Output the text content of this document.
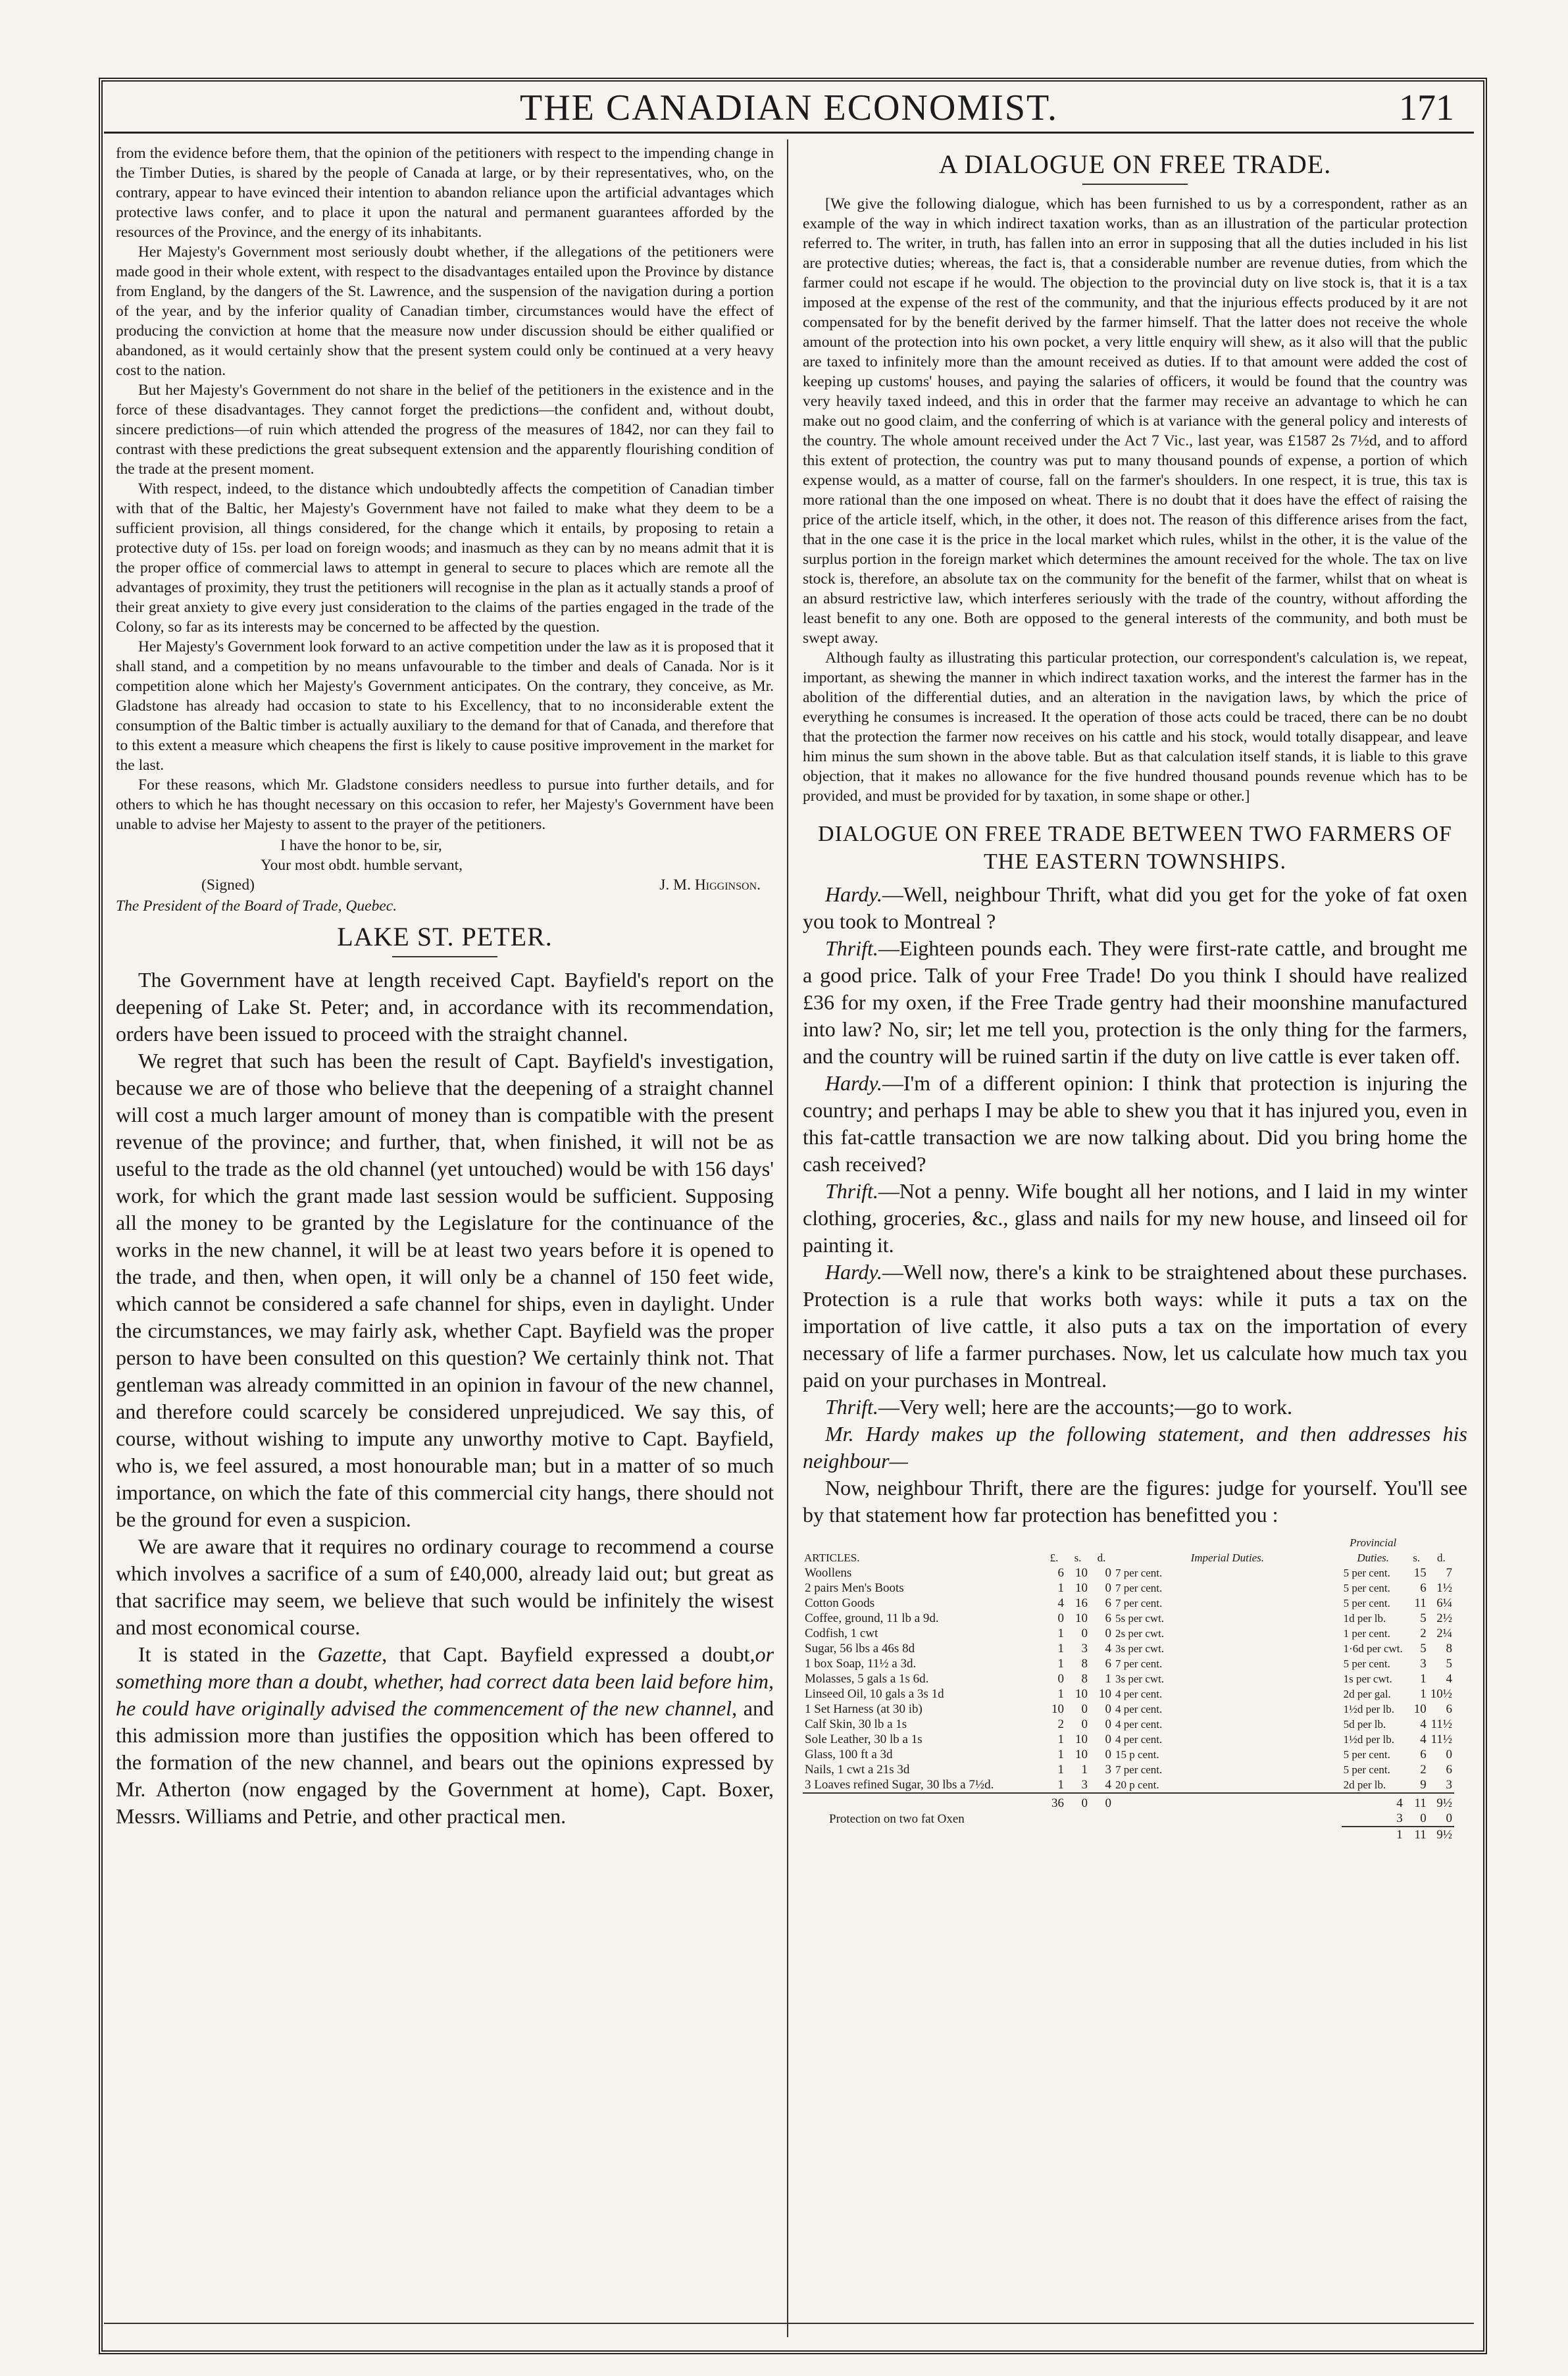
THE CANADIAN ECONOMIST.	171

from the evidence before them, that the opinion of the petitioners with respect to the impending change in the Timber Duties, is shared by the people of Canada at large, or by their representatives, who, on the contrary, appear to have evinced their intention to abandon reliance upon the artificial advantages which protective laws confer, and to place it upon the natural and permanent guarantees afforded by the resources of the Province, and the energy of its inhabitants.

Her Majesty's Government most seriously doubt whether, if the allegations of the petitioners were made good in their whole extent, with respect to the disadvantages entailed upon the Province by distance from England, by the dangers of the St. Lawrence, and the suspension of the navigation during a portion of the year, and by the inferior quality of Canadian timber, circumstances would have the effect of producing the conviction at home that the measure now under discussion should be either qualified or abandoned, as it would certainly show that the present system could only be continued at a very heavy cost to the nation.

But her Majesty's Government do not share in the belief of the petitioners in the existence and in the force of these disadvantages. They cannot forget the predictions—the confident and, without doubt, sincere predictions—of ruin which attended the progress of the measures of 1842, nor can they fail to contrast with these predictions the great subsequent extension and the apparently flourishing condition of the trade at the present moment.

With respect, indeed, to the distance which undoubtedly affects the competition of Canadian timber with that of the Baltic, her Majesty's Government have not failed to make what they deem to be a sufficient provision, all things considered, for the change which it entails, by proposing to retain a protective duty of 15s. per load on foreign woods; and inasmuch as they can by no means admit that it is the proper office of commercial laws to attempt in general to secure to places which are remote all the advantages of proximity, they trust the petitioners will recognise in the plan as it actually stands a proof of their great anxiety to give every just consideration to the claims of the parties engaged in the trade of the Colony, so far as its interests may be concerned to be affected by the question.

Her Majesty's Government look forward to an active competition under the law as it is proposed that it shall stand, and a competition by no means unfavourable to the timber and deals of Canada. Nor is it competition alone which her Majesty's Government anticipates. On the contrary, they conceive, as Mr. Gladstone has already had occasion to state to his Excellency, that to no inconsiderable extent the consumption of the Baltic timber is actually auxiliary to the demand for that of Canada, and therefore that to this extent a measure which cheapens the first is likely to cause positive improvement in the market for the last.

For these reasons, which Mr. Gladstone considers needless to pursue into further details, and for others to which he has thought necessary on this occasion to refer, her Majesty's Government have been unable to advise her Majesty to assent to the prayer of the petitioners.

I have the honor to be, sir,
Your most obdt. humble servant,
(Signed)	J. M. Higginson.
The President of the Board of Trade, Quebec.
LAKE ST. PETER.

The Government have at length received Capt. Bayfield's report on the deepening of Lake St. Peter; and, in accordance with its recommendation, orders have been issued to proceed with the straight channel.

We regret that such has been the result of Capt. Bayfield's investigation, because we are of those who believe that the deepening of a straight channel will cost a much larger amount of money than is compatible with the present revenue of the province; and further, that, when finished, it will not be as useful to the trade as the old channel (yet untouched) would be with 156 days' work, for which the grant made last session would be sufficient. Supposing all the money to be granted by the Legislature for the continuance of the works in the new channel, it will be at least two years before it is opened to the trade, and then, when open, it will only be a channel of 150 feet wide, which cannot be considered a safe channel for ships, even in daylight. Under the circumstances, we may fairly ask, whether Capt. Bayfield was the proper person to have been consulted on this question? We certainly think not. That gentleman was already committed in an opinion in favour of the new channel, and therefore could scarcely be considered unprejudiced. We say this, of course, without wishing to impute any unworthy motive to Capt. Bayfield, who is, we feel assured, a most honourable man; but in a matter of so much importance, on which the fate of this commercial city hangs, there should not be the ground for even a suspicion.

We are aware that it requires no ordinary courage to recommend a course which involves a sacrifice of a sum of £40,000, already laid out; but great as that sacrifice may seem, we believe that such would be infinitely the wisest and most economical course.

It is stated in the Gazette, that Capt. Bayfield expressed a doubt,or something more than a doubt, whether, had correct data been laid before him, he could have originally advised the commencement of the new channel, and this admission more than justifies the opposition which has been offered to the formation of the new channel, and bears out the opinions expressed by Mr. Atherton (now engaged by the Government at home), Capt. Boxer, Messrs. Williams and Petrie, and other practical men.

A DIALOGUE ON FREE TRADE.

[We give the following dialogue, which has been furnished to us by a correspondent, rather as an example of the way in which indirect taxation works, than as an illustration of the particular protection referred to. The writer, in truth, has fallen into an error in supposing that all the duties included in his list are protective duties; whereas, the fact is, that a considerable number are revenue duties, from which the farmer could not escape if he would. The objection to the provincial duty on live stock is, that it is a tax imposed at the expense of the rest of the community, and that the injurious effects produced by it are not compensated for by the benefit derived by the farmer himself. That the latter does not receive the whole amount of the protection into his own pocket, a very little enquiry will shew, as it also will that the public are taxed to infinitely more than the amount received as duties. If to that amount were added the cost of keeping up customs' houses, and paying the salaries of officers, it would be found that the country was very heavily taxed indeed, and this in order that the farmer may receive an advantage to which he can make out no good claim, and the conferring of which is at variance with the general policy and interests of the country. The whole amount received under the Act 7 Vic., last year, was £1587 2s 7½d, and to afford this extent of protection, the country was put to many thousand pounds of expense, a portion of which expense would, as a matter of course, fall on the farmer's shoulders. In one respect, it is true, this tax is more rational than the one imposed on wheat. There is no doubt that it does have the effect of raising the price of the article itself, which, in the other, it does not. The reason of this difference arises from the fact, that in the one case it is the price in the local market which rules, whilst in the other, it is the value of the surplus portion in the foreign market which determines the amount received for the whole. The tax on live stock is, therefore, an absolute tax on the community for the benefit of the farmer, whilst that on wheat is an absurd restrictive law, which interferes seriously with the trade of the country, without affording the least benefit to any one. Both are opposed to the general interests of the community, and both must be swept away.

Although faulty as illustrating this particular protection, our correspondent's calculation is, we repeat, important, as shewing the manner in which indirect taxation works, and the interest the farmer has in the abolition of the differential duties, and an alteration in the navigation laws, by which the price of everything he consumes is increased. It the operation of those acts could be traced, there can be no doubt that the protection the farmer now receives on his cattle and his stock, would totally disappear, and leave him minus the sum shown in the above table. But as that calculation itself stands, it is liable to this grave objection, that it makes no allowance for the five hundred thousand pounds revenue which has to be provided, and must be provided for by taxation, in some shape or other.]

DIALOGUE ON FREE TRADE BETWEEN TWO FARMERS OF THE EASTERN TOWNSHIPS.

Hardy.—Well, neighbour Thrift, what did you get for the yoke of fat oxen you took to Montreal ?

Thrift.—Eighteen pounds each. They were first-rate cattle, and brought me a good price. Talk of your Free Trade! Do you think I should have realized £36 for my oxen, if the Free Trade gentry had their moonshine manufactured into law? No, sir; let me tell you, protection is the only thing for the farmers, and the country will be ruined sartin if the duty on live cattle is ever taken off.

Hardy.—I'm of a different opinion: I think that protection is injuring the country; and perhaps I may be able to shew you that it has injured you, even in this fat-cattle transaction we are now talking about. Did you bring home the cash received?

Thrift.—Not a penny. Wife bought all her notions, and I laid in my winter clothing, groceries, &c., glass and nails for my new house, and linseed oil for painting it.

Hardy.—Well now, there's a kink to be straightened about these purchases. Protection is a rule that works both ways: while it puts a tax on the importation of live cattle, it also puts a tax on the importation of every necessary of life a farmer purchases. Now, let us calculate how much tax you paid on your purchases in Montreal.

Thrift.—Very well; here are the accounts;—go to work.

Mr. Hardy makes up the following statement, and then addresses his neighbour—

Now, neighbour Thrift, there are the figures: judge for yourself. You'll see by that statement how far protection has benefitted you :

ARTICLES.	£.	s.	d.	Imperial Duties.	Provincial Duties.	s.	d.
Woollens	6	10	0	7 per cent.	5 per cent.	15	7
2 pairs Men's Boots	1	10	0	7 per cent.	5 per cent.	6	1½
Cotton Goods	4	16	6	7 per cent.	5 per cent.	11	6¼
Coffee, ground, 11 lb a 9d.	0	10	6	5s per cwt.	1d per lb.	5	2½
Codfish, 1 cwt	1	0	0	2s per cwt.	1 per cent.	2	2¼
Sugar, 56 lbs a 46s 8d	1	3	4	3s per cwt.	1·6d per cwt.	5	8
1 box Soap, 11½ a 3d.	1	8	6	7 per cent.	5 per cent.	3	5
Molasses, 5 gals a 1s 6d.	0	8	1	3s per cwt.	1s per cwt.	1	4
Linseed Oil, 10 gals a 3s 1d	1	10	10	4 per cent.	2d per gal.	1	10½
1 Set Harness (at 30 ib)	10	0	0	4 per cent.	1½d per lb.	10	6
Calf Skin, 30 lb a 1s	2	0	0	4 per cent.	5d per lb.	4	11½
Sole Leather, 30 lb a 1s	1	10	0	4 per cent.	1½d per lb.	4	11½
Glass, 100 ft a 3d	1	10	0	15 p cent.	5 per cent.	6	0
Nails, 1 cwt a 21s 3d	1	1	3	7 per cent.	5 per cent.	2	6
3 Loaves refined Sugar, 30 lbs a 7½d.	1	3	4	20 p cent.	2d per lb.	9	3
	36	0	0		4	11	9½
Protection on two fat Oxen					3	0	0
					1	11	9½
